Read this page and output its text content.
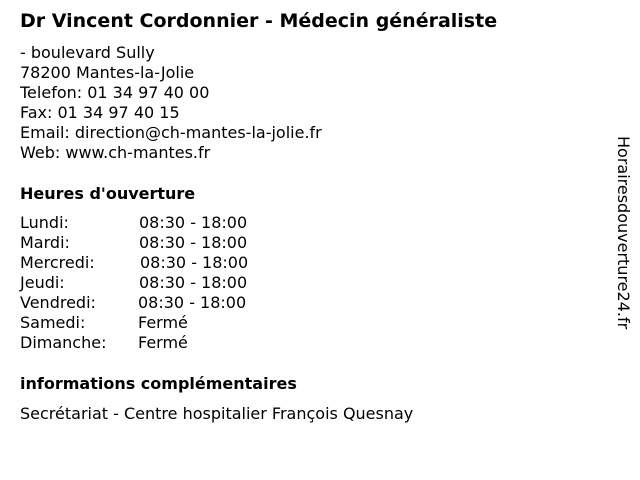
Dr Vincent Cordonnier - Médecin généraliste
- boulevard Sully
78200 Mantes-la-Jolie
Telefon: 01 34 97 40 00
Fax: 01 34 97 40 15
Email: direction@ch-mantes-la-jolie.fr
Web: www.ch-mantes.fr
Heures d'ouverture
Lundi:	08:30 - 18:00
Mardi:	08:30 - 18:00
Mercredi:	08:30 - 18:00
Jeudi:	08:30 - 18:00
Vendredi:	08:30 - 18:00
Samedi:	Fermé
Dimanche: Fermé
informations complémentaires
Secrétariat - Centre hospitalier François Quesnay
Horairesdouverture24.fr
